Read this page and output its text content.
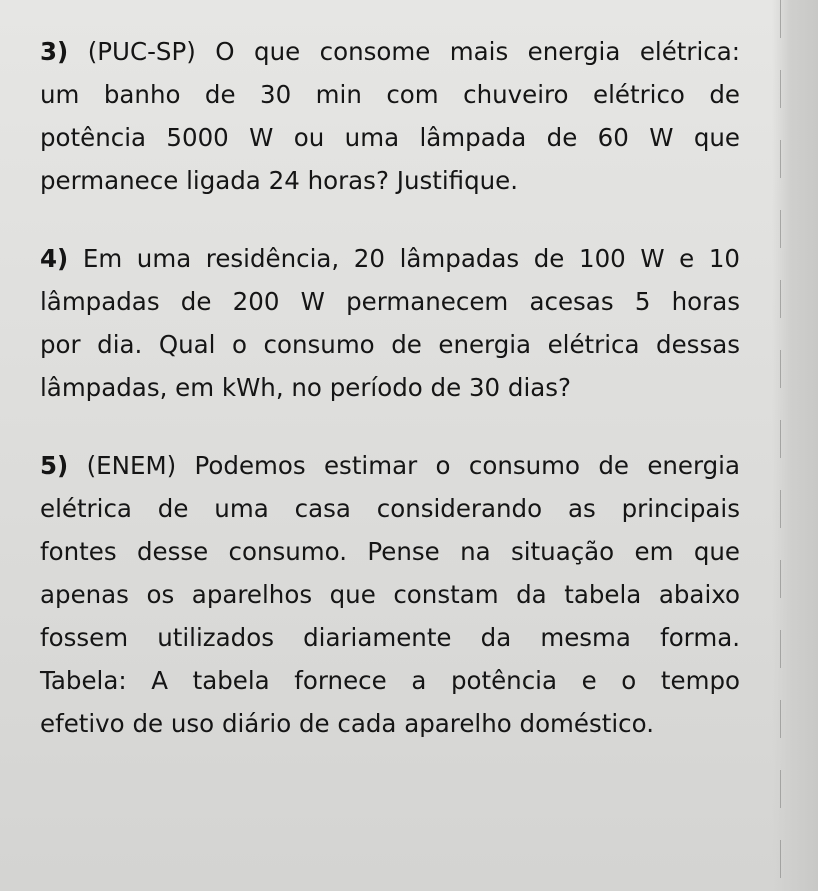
3) (PUC-SP) O que consome mais energia elétrica:
um banho de 30 min com chuveiro elétrico de
potência 5000 W ou uma lâmpada de 60 W que
permanece ligada 24 horas? Justifique.

4) Em uma residência, 20 lâmpadas de 100 W e 10
lâmpadas de 200 W permanecem acesas 5 horas
por dia. Qual o consumo de energia elétrica dessas
lâmpadas, em kWh, no período de 30 dias?

5) (ENEM) Podemos estimar o consumo de energia
elétrica de uma casa considerando as principais
fontes desse consumo. Pense na situação em que
apenas os aparelhos que constam da tabela abaixo
fossem utilizados diariamente da mesma forma.
Tabela: A tabela fornece a potência e o tempo
efetivo de uso diário de cada aparelho doméstico.
